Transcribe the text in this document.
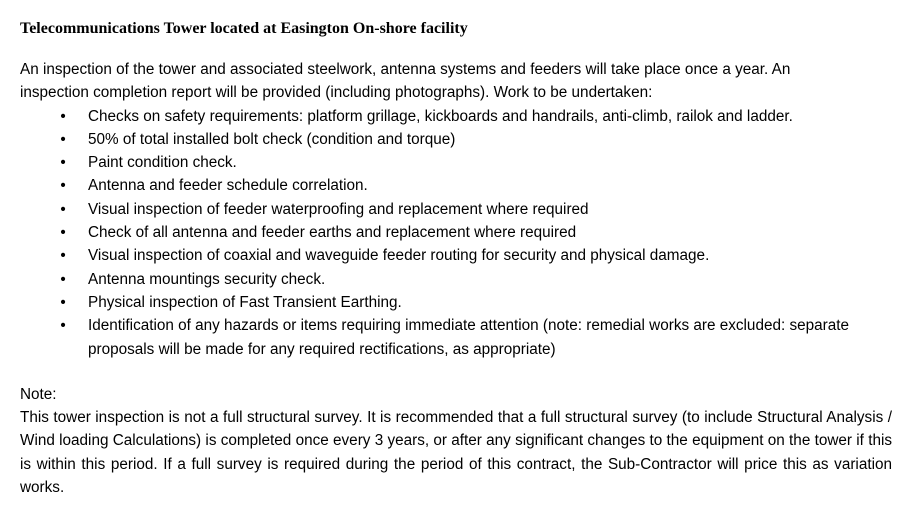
Telecommunications Tower located at Easington On-shore facility

An inspection of the tower and associated steelwork, antenna systems and feeders will take place once a year. An
inspection completion report will be provided (including photographs). Work to be undertaken:

• Checks on safety requirements: platform grillage, kickboards and handrails, anti-climb, railok and ladder.
• 50% of total installed bolt check (condition and torque)
• Paint condition check.
• Antenna and feeder schedule correlation.
• Visual inspection of feeder waterproofing and replacement where required
• Check of all antenna and feeder earths and replacement where required
• Visual inspection of coaxial and waveguide feeder routing for security and physical damage.
• Antenna mountings security check.
• Physical inspection of Fast Transient Earthing.
• Identification of any hazards or items requiring immediate attention (note: remedial works are excluded: separate proposals will be made for any required rectifications, as appropriate)

Note:

This tower inspection is not a full structural survey. It is recommended that a full structural survey (to include Structural Analysis / Wind loading Calculations) is completed once every 3 years, or after any significant changes to the equipment on the tower if this is within this period. If a full survey is required during the period of this contract, the Sub-Contractor will price this as variation works.
